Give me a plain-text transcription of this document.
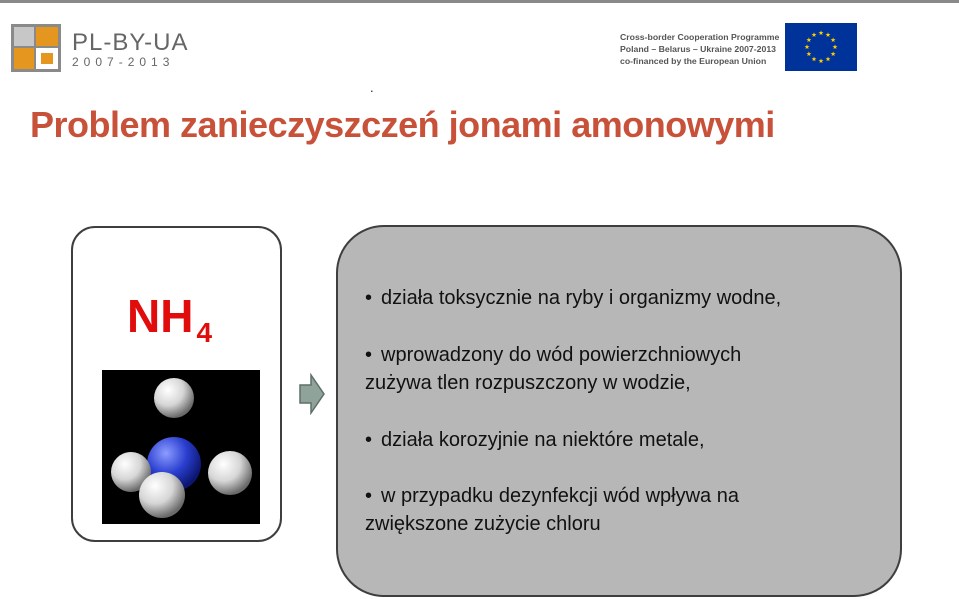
PL-BY-UA
2007-2013
Cross-border Cooperation Programme
Poland – Belarus – Ukraine 2007-2013
co-financed by the European Union
.
Problem zanieczyszczeń jonami amonowymi
NH 4
• działa toksycznie na ryby i organizmy wodne,
• wprowadzony do wód powierzchniowych
zużywa tlen rozpuszczony w wodzie,
• działa korozyjnie na niektóre metale,
• w przypadku dezynfekcji wód wpływa na
zwiększone zużycie chloru
